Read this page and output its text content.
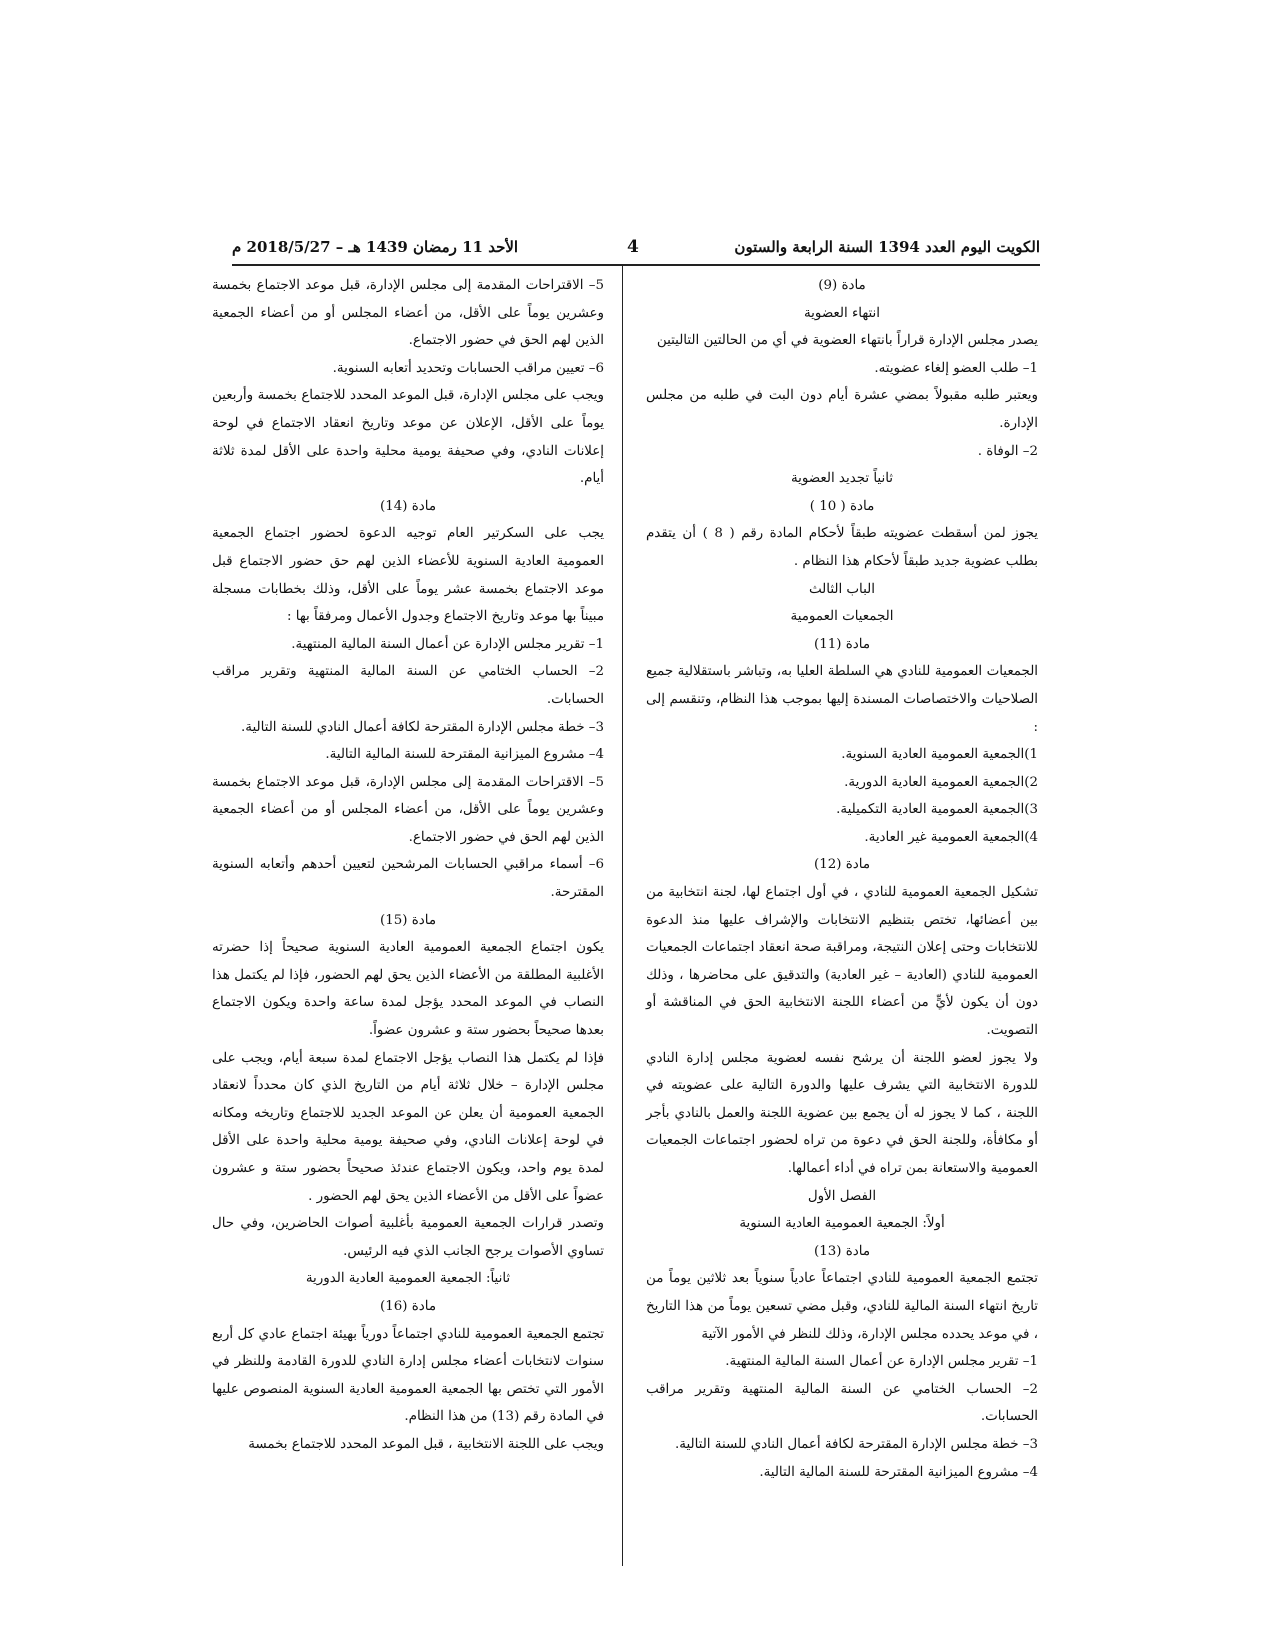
الكويت اليوم العدد 1394 السنة الرابعة والستون
4
الأحد 11 رمضان 1439 هـ – 2018/5/27 م

مادة (9)

انتهاء العضوية

يصدر مجلس الإدارة قراراً بانتهاء العضوية في أي من الحالتين التاليتين

1– طلب العضو إلغاء عضويته.

ويعتبر طلبه مقبولاً بمضي عشرة أيام دون البت في طلبه من مجلس الإدارة.

2– الوفاة .

ثانياً تجديد العضوية

مادة ( 10 )

يجوز لمن أسقطت عضويته طبقاً لأحكام المادة رقم ( 8 ) أن يتقدم بطلب عضوية جديد طبقاً لأحكام هذا النظام .

الباب الثالث

الجمعيات العمومية

مادة (11)

الجمعيات العمومية للنادي هي السلطة العليا به، وتباشر باستقلالية جميع الصلاحيات والاختصاصات المسندة إليها بموجب هذا النظام، وتنقسم إلى :

1)الجمعية العمومية العادية السنوية.

2)الجمعية العمومية العادية الدورية.

3)الجمعية العمومية العادية التكميلية.

4)الجمعية العمومية غير العادية.

مادة (12)

تشكيل الجمعية العمومية للنادي ، في أول اجتماع لها، لجنة انتخابية من بين أعضائها، تختص بتنظيم الانتخابات والإشراف عليها منذ الدعوة للانتخابات وحتى إعلان النتيجة، ومراقبة صحة انعقاد اجتماعات الجمعيات العمومية للنادي (العادية – غير العادية) والتدقيق على محاضرها ، وذلك دون أن يكون لأيٍّ من أعضاء اللجنة الانتخابية الحق في المناقشة أو التصويت.

ولا يجوز لعضو اللجنة أن يرشح نفسه لعضوية مجلس إدارة النادي للدورة الانتخابية التي يشرف عليها والدورة التالية على عضويته في اللجنة ، كما لا يجوز له أن يجمع بين عضوية اللجنة والعمل بالنادي بأجر أو مكافأة، وللجنة الحق في دعوة من تراه لحضور اجتماعات الجمعيات العمومية والاستعانة بمن تراه في أداء أعمالها.

الفصل الأول

أولاً: الجمعية العمومية العادية السنوية

مادة (13)

تجتمع الجمعية العمومية للنادي اجتماعاً عادياً سنوياً بعد ثلاثين يوماً من تاريخ انتهاء السنة المالية للنادي، وقبل مضي تسعين يوماً من هذا التاريخ ، في موعد يحدده مجلس الإدارة، وذلك للنظر في الأمور الآتية

1– تقرير مجلس الإدارة عن أعمال السنة المالية المنتهية.

2– الحساب الختامي عن السنة المالية المنتهية وتقرير مراقب الحسابات.

3– خطة مجلس الإدارة المقترحة لكافة أعمال النادي للسنة التالية.

4– مشروع الميزانية المقترحة للسنة المالية التالية.

5– الاقتراحات المقدمة إلى مجلس الإدارة، قبل موعد الاجتماع بخمسة وعشرين يوماً على الأقل، من أعضاء المجلس أو من أعضاء الجمعية الذين لهم الحق في حضور الاجتماع.

6– تعيين مراقب الحسابات وتحديد أتعابه السنوية.

ويجب على مجلس الإدارة، قبل الموعد المحدد للاجتماع بخمسة وأربعين يوماً على الأقل، الإعلان عن موعد وتاريخ انعقاد الاجتماع في لوحة إعلانات النادي، وفي صحيفة يومية محلية واحدة على الأقل لمدة ثلاثة أيام.

مادة (14)

يجب على السكرتير العام توجيه الدعوة لحضور اجتماع الجمعية العمومية العادية السنوية للأعضاء الذين لهم حق حضور الاجتماع قبل موعد الاجتماع بخمسة عشر يوماً على الأقل، وذلك بخطابات مسجلة مبيناً بها موعد وتاريخ الاجتماع وجدول الأعمال ومرفقاً بها :

1– تقرير مجلس الإدارة عن أعمال السنة المالية المنتهية.

2– الحساب الختامي عن السنة المالية المنتهية وتقرير مراقب الحسابات.

3– خطة مجلس الإدارة المقترحة لكافة أعمال النادي للسنة التالية.

4– مشروع الميزانية المقترحة للسنة المالية التالية.

5– الاقتراحات المقدمة إلى مجلس الإدارة، قبل موعد الاجتماع بخمسة وعشرين يوماً على الأقل، من أعضاء المجلس أو من أعضاء الجمعية الذين لهم الحق في حضور الاجتماع.

6– أسماء مراقبي الحسابات المرشحين لتعيين أحدهم وأتعابه السنوية المقترحة.

مادة (15)

يكون اجتماع الجمعية العمومية العادية السنوية صحيحاً إذا حضرته الأغلبية المطلقة من الأعضاء الذين يحق لهم الحضور، فإذا لم يكتمل هذا النصاب في الموعد المحدد يؤجل لمدة ساعة واحدة ويكون الاجتماع بعدها صحيحاً بحضور ستة و عشرون عضواً.

فإذا لم يكتمل هذا النصاب يؤجل الاجتماع لمدة سبعة أيام، ويجب على مجلس الإدارة – خلال ثلاثة أيام من التاريخ الذي كان محدداً لانعقاد الجمعية العمومية أن يعلن عن الموعد الجديد للاجتماع وتاريخه ومكانه في لوحة إعلانات النادي، وفي صحيفة يومية محلية واحدة على الأقل لمدة يوم واحد، ويكون الاجتماع عندئذ صحيحاً بحضور ستة و عشرون عضواً على الأقل من الأعضاء الذين يحق لهم الحضور .

وتصدر قرارات الجمعية العمومية بأغلبية أصوات الحاضرين، وفي حال تساوي الأصوات يرجح الجانب الذي فيه الرئيس.

ثانياً: الجمعية العمومية العادية الدورية

مادة (16)

تجتمع الجمعية العمومية للنادي اجتماعاً دورياً بهيئة اجتماع عادي كل أربع سنوات لانتخابات أعضاء مجلس إدارة النادي للدورة القادمة وللنظر في الأمور التي تختص بها الجمعية العمومية العادية السنوية المنصوص عليها في المادة رقم (13) من هذا النظام.

ويجب على اللجنة الانتخابية ، قبل الموعد المحدد للاجتماع بخمسة
